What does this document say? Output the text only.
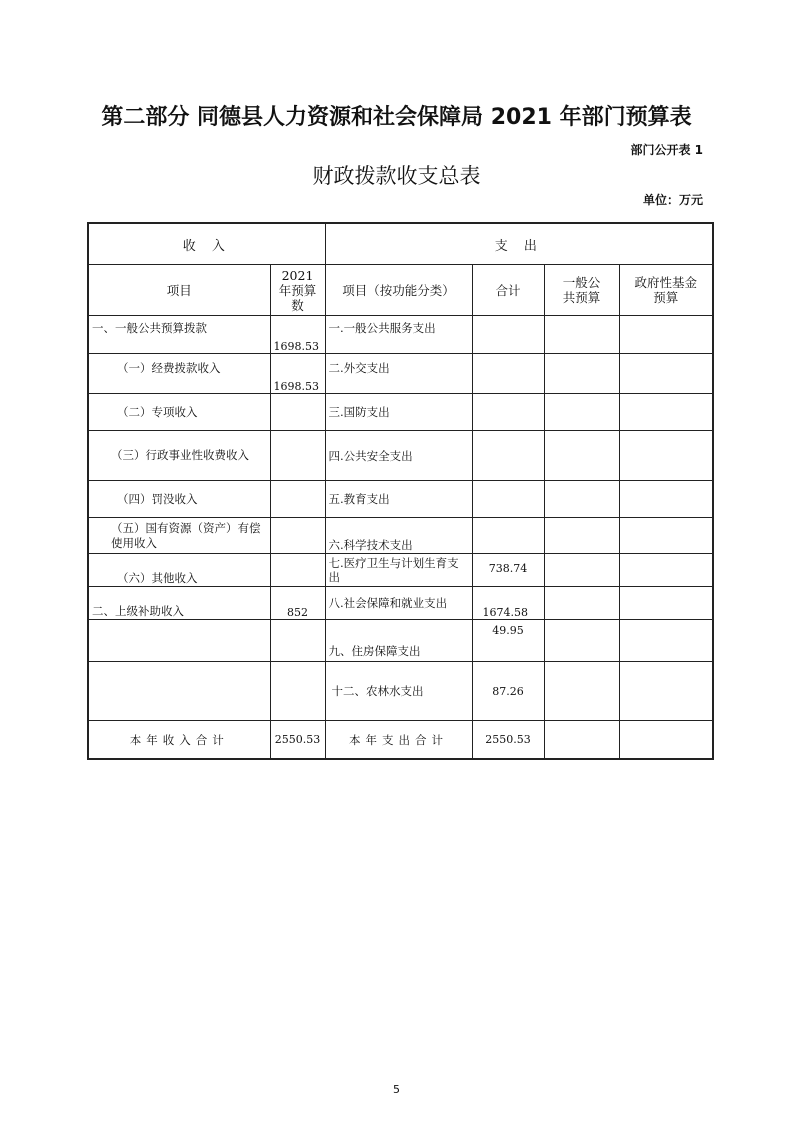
第二部分 同德县人力资源和社会保障局 2021 年部门预算表
部门公开表 1
财政拨款收支总表
单位：万元
收 入		支 出			
项目	2021年预算数	项目（按功能分类）	合计	一般公共预算	政府性基金预算
一、一般公共预算拨款	1698.53	一.一般公共服务支出			
（一）经费拨款收入	1698.53	二.外交支出			
（二）专项收入		三.国防支出			
（三）行政事业性收费收入		四.公共安全支出			
（四）罚没收入		五.教育支出			
（五）国有资源（资产）有偿使用收入		六.科学技术支出			
（六）其他收入		七.医疗卫生与计划生育支出	738.74		
二、上级补助收入	852	八.社会保障和就业支出	1674.58		
		九、住房保障支出	49.95		
		十二、农林水支出	87.26		
本年收入合计	2550.53	本年支出合计	2550.53		
5
